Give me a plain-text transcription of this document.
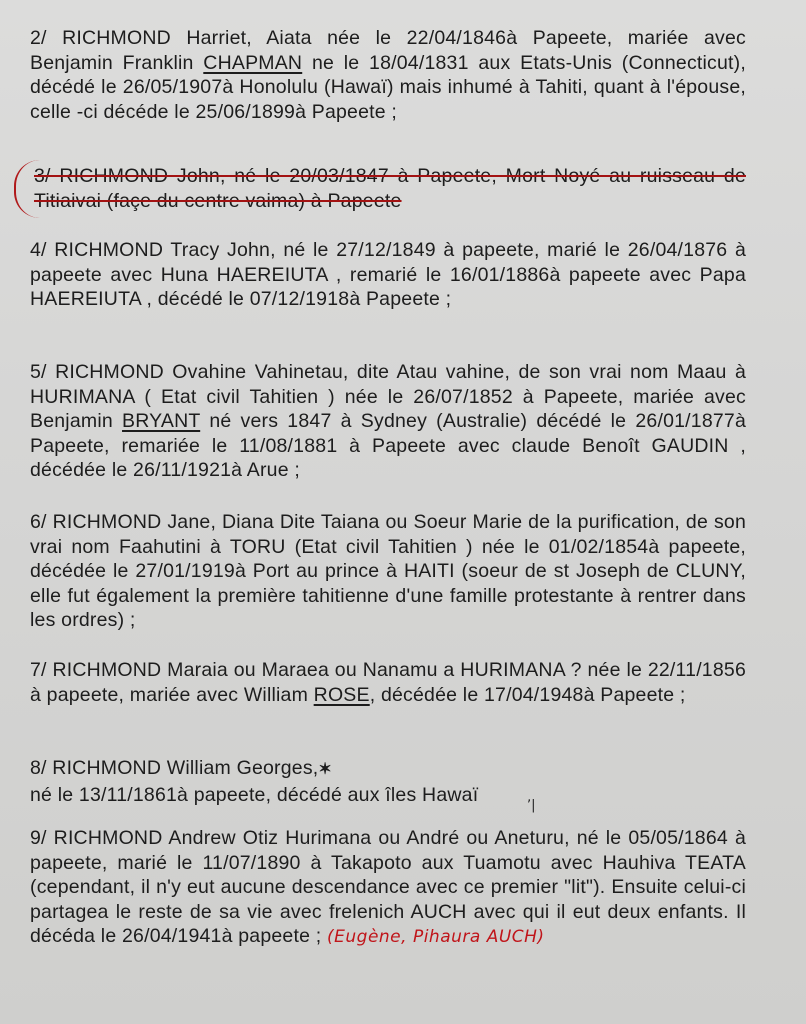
2/ RICHMOND Harriet, Aiata née le 22/04/1846à Papeete, mariée avec Benjamin Franklin CHAPMAN ne le 18/04/1831 aux Etats-Unis (Connecticut), décédé le 26/05/1907à Honolulu (Hawaï) mais inhumé à Tahiti, quant à l'épouse, celle -ci décéde le 25/06/1899à Papeete ;

3/ RICHMOND John, né le 20/03/1847 à Papeete, Mort Noyé au ruisseau de Titiaivai (façe du centre vaima) à Papeete

4/ RICHMOND Tracy John, né le 27/12/1849 à papeete, marié le 26/04/1876 à papeete avec Huna HAEREIUTA , remarié le 16/01/1886à papeete avec Papa HAEREIUTA , décédé le 07/12/1918à Papeete ;

5/ RICHMOND Ovahine Vahinetau, dite Atau vahine, de son vrai nom Maau à HURIMANA ( Etat civil Tahitien ) née le 26/07/1852 à Papeete, mariée avec Benjamin BRYANT né vers 1847 à Sydney (Australie) décédé le 26/01/1877à Papeete, remariée le 11/08/1881 à Papeete avec claude Benoît GAUDIN , décédée le 26/11/1921à Arue ;

6/ RICHMOND Jane, Diana Dite Taiana ou Soeur Marie de la purification, de son vrai nom Faahutini à TORU (Etat civil Tahitien ) née le 01/02/1854à papeete, décédée le 27/01/1919à Port au prince à HAITI (soeur de st Joseph de CLUNY, elle fut également la première tahitienne d'une famille protestante à rentrer dans les ordres) ;

7/ RICHMOND Maraia ou Maraea ou Nanamu a HURIMANA ? née le 22/11/1856 à papeete, mariée avec William ROSE, décédée le 17/04/1948à Papeete ;

8/ RICHMOND William Georges,✶
né le 13/11/1861à papeete, décédé aux îles Hawaï	ʼ|

9/ RICHMOND Andrew Otiz Hurimana ou André ou Aneturu, né le 05/05/1864 à papeete, marié le 11/07/1890 à Takapoto aux Tuamotu avec Hauhiva TEATA (cependant, il n'y eut aucune descendance avec ce premier "lit"). Ensuite celui-ci partagea le reste de sa vie avec frelenich AUCH avec qui il eut deux enfants. Il décéda le 26/04/1941à papeete ; (Eugène, Pihaura AUCH)
